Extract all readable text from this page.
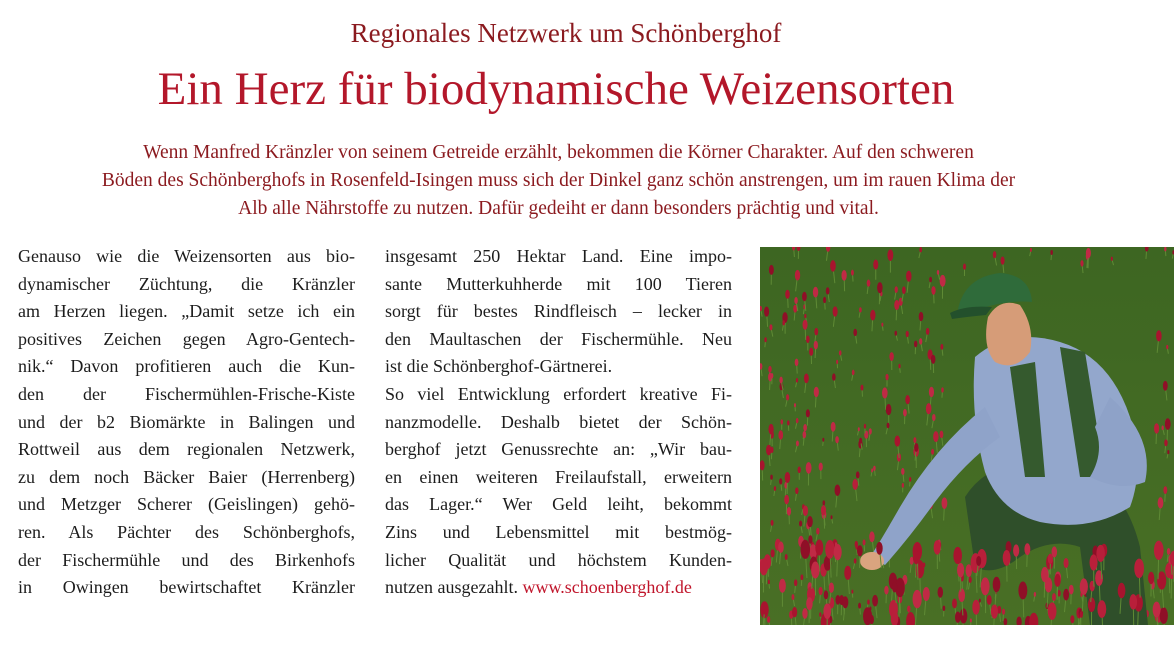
Regionales Netzwerk um Schönberghof
Ein Herz für biodynamische Weizensorten
Wenn Manfred Kränzler von seinem Getreide erzählt, bekommen die Körner Charakter. Auf den schweren
Böden des Schönberghofs in Rosenfeld-Isingen muss sich der Dinkel ganz schön anstrengen, um im rauen Klima der
Alb alle Nährstoffe zu nutzen. Dafür gedeiht er dann besonders prächtig und vital.
Genauso wie die Weizensorten aus bio-
dynamischer Züchtung, die Kränzler
am Herzen liegen. „Damit setze ich ein
positives Zeichen gegen Agro-Gentech-
nik.“ Davon profitieren auch die Kun-
den der Fischermühlen-Frische-Kiste
und der b2 Biomärkte in Balingen und
Rottweil aus dem regionalen Netzwerk,
zu dem noch Bäcker Baier (Herrenberg)
und Metzger Scherer (Geislingen) gehö-
ren. Als Pächter des Schönberghofs,
der Fischermühle und des Birkenhofs
in Owingen bewirtschaftet Kränzler
insgesamt 250 Hektar Land. Eine impo-
sante Mutterkuhherde mit 100 Tieren
sorgt für bestes Rindfleisch – lecker in
den Maultaschen der Fischermühle. Neu
ist die Schönberghof-Gärtnerei.
So viel Entwicklung erfordert kreative Fi-
nanzmodelle. Deshalb bietet der Schön-
berghof jetzt Genussrechte an: „Wir bau-
en einen weiteren Freilaufstall, erweitern
das Lager.“ Wer Geld leiht, bekommt
Zins und Lebensmittel mit bestmög-
licher Qualität und höchstem Kunden-
nutzen ausgezahlt. www.schoenberghof.de
